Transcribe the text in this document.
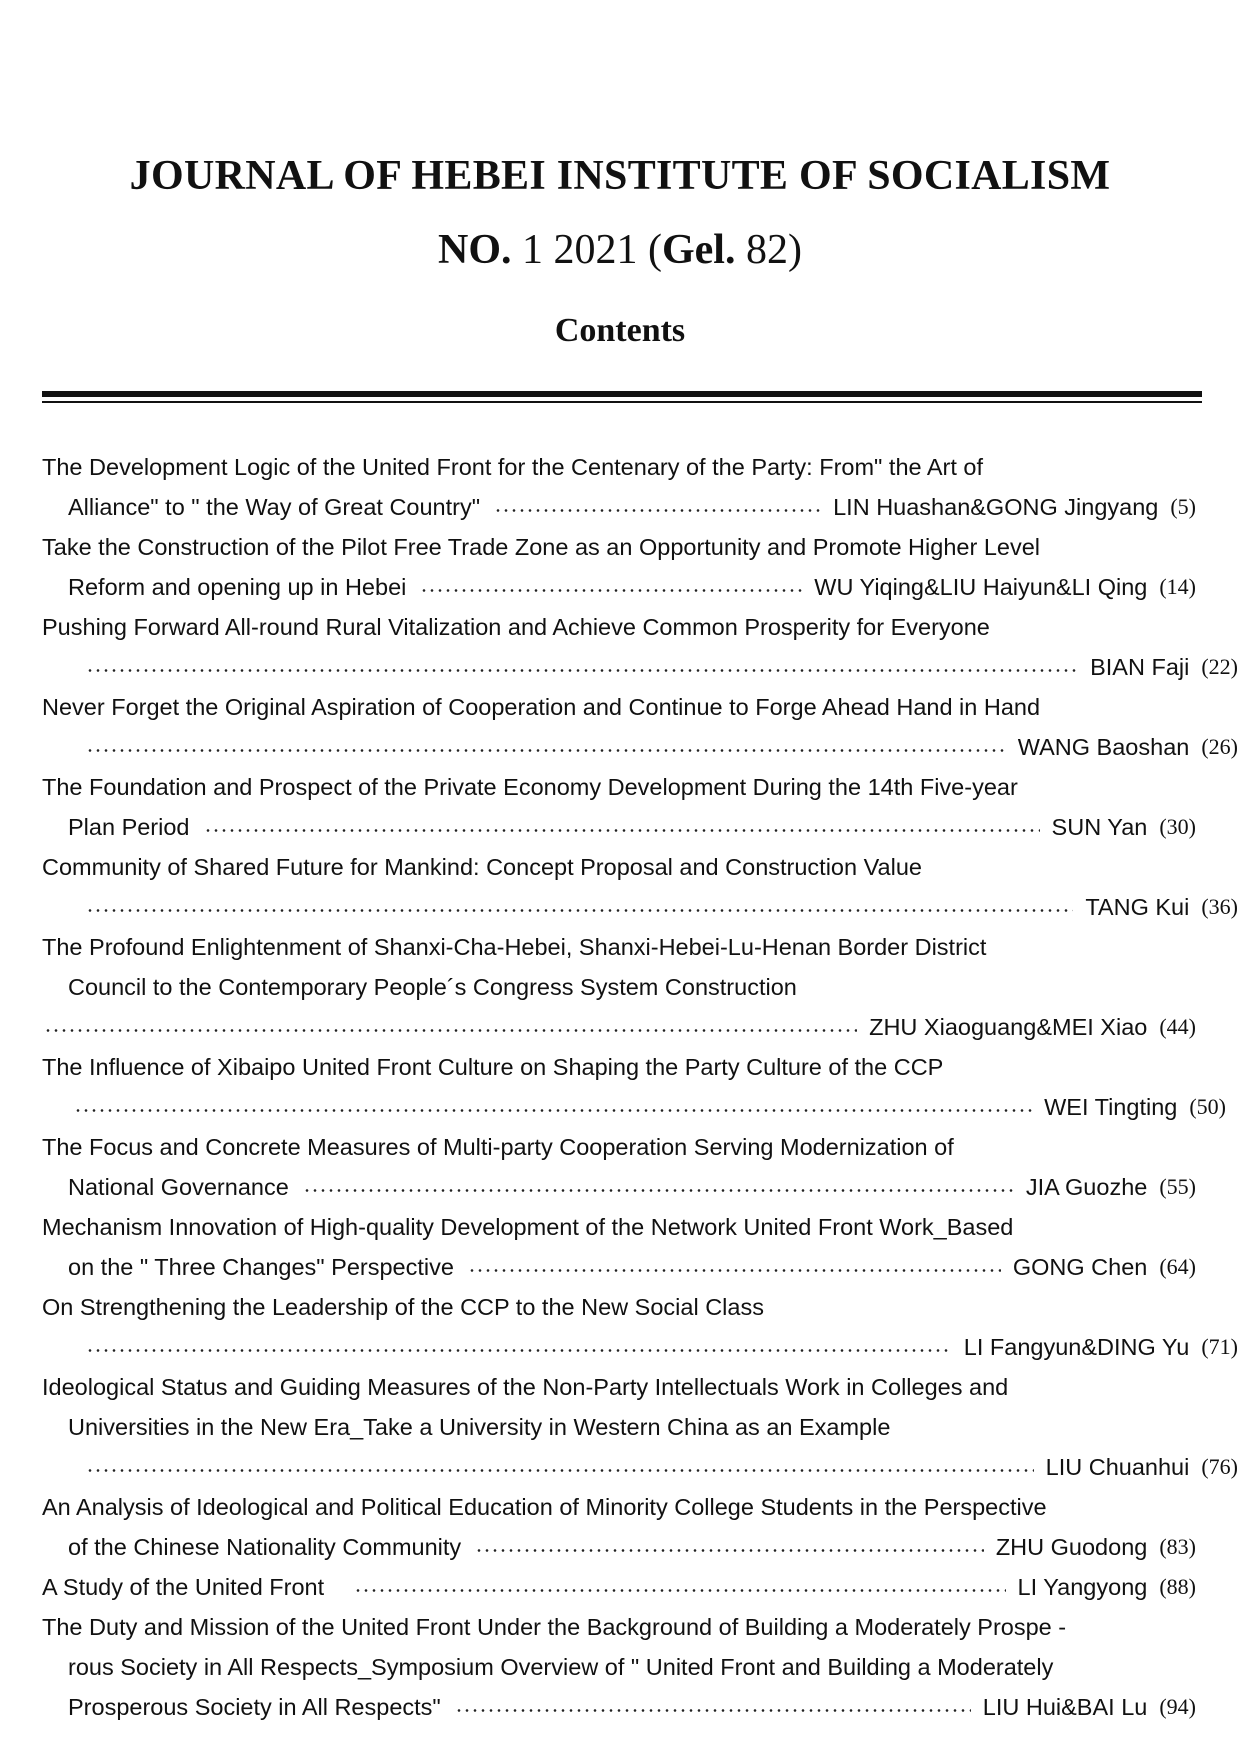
JOURNAL OF HEBEI INSTITUTE OF SOCIALISM
NO. 1 2021 (Gel. 82)
Contents
The Development Logic of the United Front for the Centenary of the Party: From" the Art of
Alliance" to " the Way of Great Country"	LIN Huashan&GONG Jingyang (5)
Take the Construction of the Pilot Free Trade Zone as an Opportunity and Promote Higher Level
Reform and opening up in Hebei	WU Yiqing&LIU Haiyun&LI Qing (14)
Pushing Forward All-round Rural Vitalization and Achieve Common Prosperity for Everyone
BIAN Faji (22)
Never Forget the Original Aspiration of Cooperation and Continue to Forge Ahead Hand in Hand
WANG Baoshan (26)
The Foundation and Prospect of the Private Economy Development During the 14th Five-year
Plan Period	SUN Yan (30)
Community of Shared Future for Mankind: Concept Proposal and Construction Value
TANG Kui (36)
The Profound Enlightenment of Shanxi-Cha-Hebei, Shanxi-Hebei-Lu-Henan Border District
Council to the Contemporary People´s Congress System Construction
ZHU Xiaoguang&MEI Xiao (44)
The Influence of Xibaipo United Front Culture on Shaping the Party Culture of the CCP
WEI Tingting (50)
The Focus and Concrete Measures of Multi-party Cooperation Serving Modernization of
National Governance	JIA Guozhe (55)
Mechanism Innovation of High-quality Development of the Network United Front Work_Based
on the " Three Changes" Perspective	GONG Chen (64)
On Strengthening the Leadership of the CCP to the New Social Class
LI Fangyun&DING Yu (71)
Ideological Status and Guiding Measures of the Non-Party Intellectuals Work in Colleges and
Universities in the New Era_Take a University in Western China as an Example
LIU Chuanhui (76)
An Analysis of Ideological and Political Education of Minority College Students in the Perspective
of the Chinese Nationality Community	ZHU Guodong (83)
A Study of the United Front	LI Yangyong (88)
The Duty and Mission of the United Front Under the Background of Building a Moderately Prospe -
rous Society in All Respects_Symposium Overview of " United Front and Building a Moderately
Prosperous Society in All Respects"	LIU Hui&BAI Lu (94)
